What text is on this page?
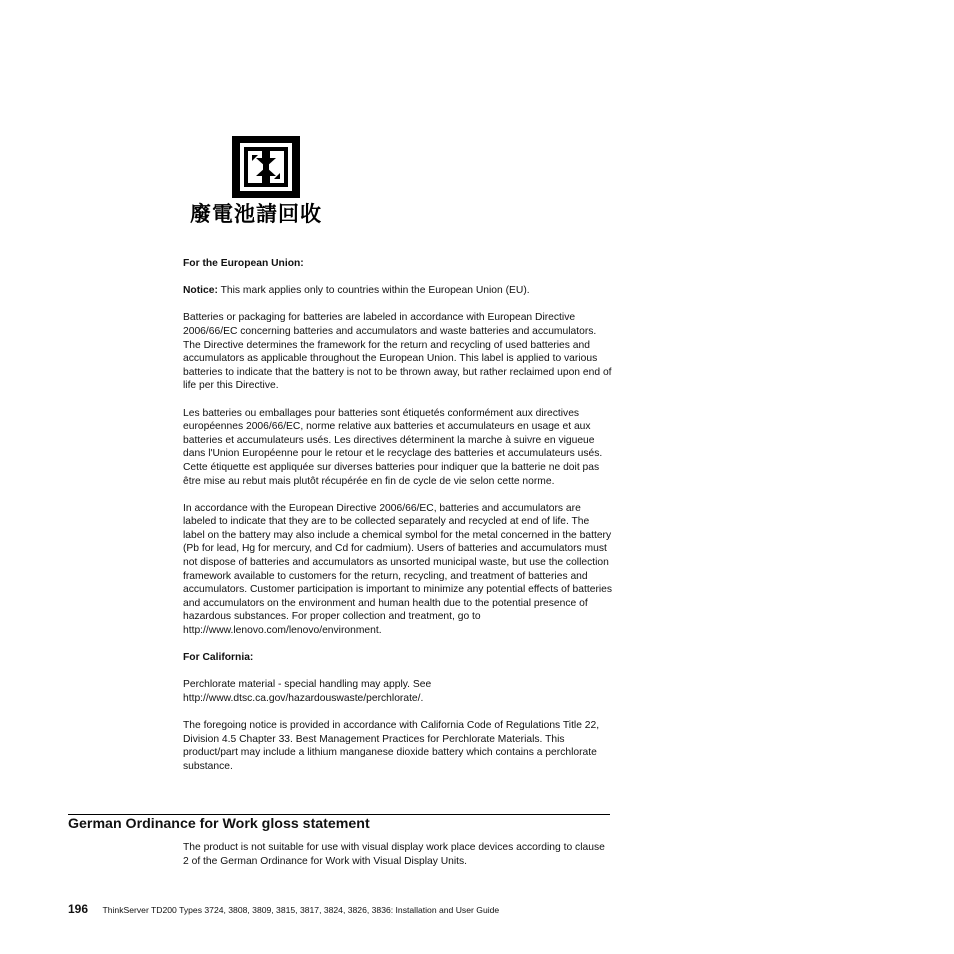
廢電池請回收

For the European Union:

Notice: This mark applies only to countries within the European Union (EU).

Batteries or packaging for batteries are labeled in accordance with European Directive 2006/66/EC concerning batteries and accumulators and waste batteries and accumulators. The Directive determines the framework for the return and recycling of used batteries and accumulators as applicable throughout the European Union. This label is applied to various batteries to indicate that the battery is not to be thrown away, but rather reclaimed upon end of life per this Directive.

Les batteries ou emballages pour batteries sont étiquetés conformément aux directives européennes 2006/66/EC, norme relative aux batteries et accumulateurs en usage et aux batteries et accumulateurs usés. Les directives déterminent la marche à suivre en vigueue dans l'Union Européenne pour le retour et le recyclage des batteries et accumulateurs usés. Cette étiquette est appliquée sur diverses batteries pour indiquer que la batterie ne doit pas être mise au rebut mais plutôt récupérée en fin de cycle de vie selon cette norme.

In accordance with the European Directive 2006/66/EC, batteries and accumulators are labeled to indicate that they are to be collected separately and recycled at end of life. The label on the battery may also include a chemical symbol for the metal concerned in the battery (Pb for lead, Hg for mercury, and Cd for cadmium). Users of batteries and accumulators must not dispose of batteries and accumulators as unsorted municipal waste, but use the collection framework available to customers for the return, recycling, and treatment of batteries and accumulators. Customer participation is important to minimize any potential effects of batteries and accumulators on the environment and human health due to the potential presence of hazardous substances. For proper collection and treatment, go to http://www.lenovo.com/lenovo/environment.

For California:

Perchlorate material - special handling may apply. See http://www.dtsc.ca.gov/hazardouswaste/perchlorate/.

The foregoing notice is provided in accordance with California Code of Regulations Title 22, Division 4.5 Chapter 33. Best Management Practices for Perchlorate Materials. This product/part may include a lithium manganese dioxide battery which contains a perchlorate substance.

German Ordinance for Work gloss statement
The product is not suitable for use with visual display work place devices according to clause 2 of the German Ordinance for Work with Visual Display Units.
196 ThinkServer TD200 Types 3724, 3808, 3809, 3815, 3817, 3824, 3826, 3836: Installation and User Guide
